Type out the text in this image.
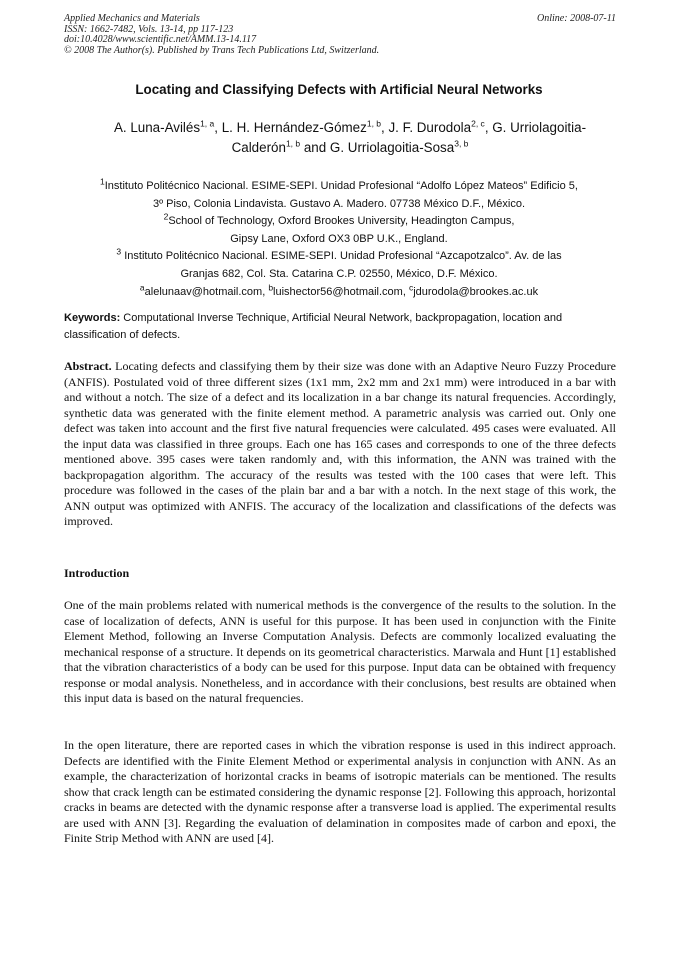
Applied Mechanics and Materials
ISSN: 1662-7482, Vols. 13-14, pp 117-123
doi:10.4028/www.scientific.net/AMM.13-14.117
© 2008 The Author(s). Published by Trans Tech Publications Ltd, Switzerland.
Online: 2008-07-11
Locating and Classifying Defects with Artificial Neural Networks
A. Luna-Avilés$^{1, a}$, L. H. Hernández-Gómez$^{1, b}$, J. F. Durodola$^{2, c}$, G. Urriolagoitia-Calderón$^{1, b}$ and G. Urriolagoitia-Sosa$^{3, b}$
$^1$Instituto Politécnico Nacional. ESIME-SEPI. Unidad Profesional “Adolfo López Mateos” Edificio 5,
3º Piso, Colonia Lindavista. Gustavo A. Madero. 07738 México D.F., México.
$^2$School of Technology, Oxford Brookes University, Headington Campus,
Gipsy Lane, Oxford OX3 0BP U.K., England.
$^3$ Instituto Politécnico Nacional. ESIME-SEPI. Unidad Profesional “Azcapotzalco”. Av. de las
Granjas 682, Col. Sta. Catarina C.P. 02550, México, D.F. México.
$^a$alelunaav@hotmail.com, $^b$luishector56@hotmail.com, $^c$jdurodola@brookes.ac.uk
Keywords: Computational Inverse Technique, Artificial Neural Network, backpropagation, location and classification of defects.
Abstract. Locating defects and classifying them by their size was done with an Adaptive Neuro Fuzzy Procedure (ANFIS). Postulated void of three different sizes (1x1 mm, 2x2 mm and 2x1 mm) were introduced in a bar with and without a notch. The size of a defect and its localization in a bar change its natural frequencies. Accordingly, synthetic data was generated with the finite element method. A parametric analysis was carried out. Only one defect was taken into account and the first five natural frequencies were calculated. 495 cases were evaluated. All the input data was classified in three groups. Each one has 165 cases and corresponds to one of the three defects mentioned above. 395 cases were taken randomly and, with this information, the ANN was trained with the backpropagation algorithm. The accuracy of the results was tested with the 100 cases that were left. This procedure was followed in the cases of the plain bar and a bar with a notch. In the next stage of this work, the ANN output was optimized with ANFIS. The accuracy of the localization and classifications of the defects was improved.
Introduction
One of the main problems related with numerical methods is the convergence of the results to the solution. In the case of localization of defects, ANN is useful for this purpose. It has been used in conjunction with the Finite Element Method, following an Inverse Computation Analysis. Defects are commonly localized evaluating the mechanical response of a structure. It depends on its geometrical characteristics. Marwala and Hunt [1] established that the vibration characteristics of a body can be used for this purpose. Input data can be obtained with frequency response or modal analysis. Nonetheless, and in accordance with their conclusions, best results are obtained when this input data is based on the natural frequencies.
In the open literature, there are reported cases in which the vibration response is used in this indirect approach. Defects are identified with the Finite Element Method or experimental analysis in conjunction with ANN. As an example, the characterization of horizontal cracks in beams of isotropic materials can be mentioned. The results show that crack length can be estimated considering the dynamic response [2]. Following this approach, horizontal cracks in beams are detected with the dynamic response after a transverse load is applied. The experimental results are used with ANN [3]. Regarding the evaluation of delamination in composites made of carbon and epoxi, the Finite Strip Method with ANN are used [4].
